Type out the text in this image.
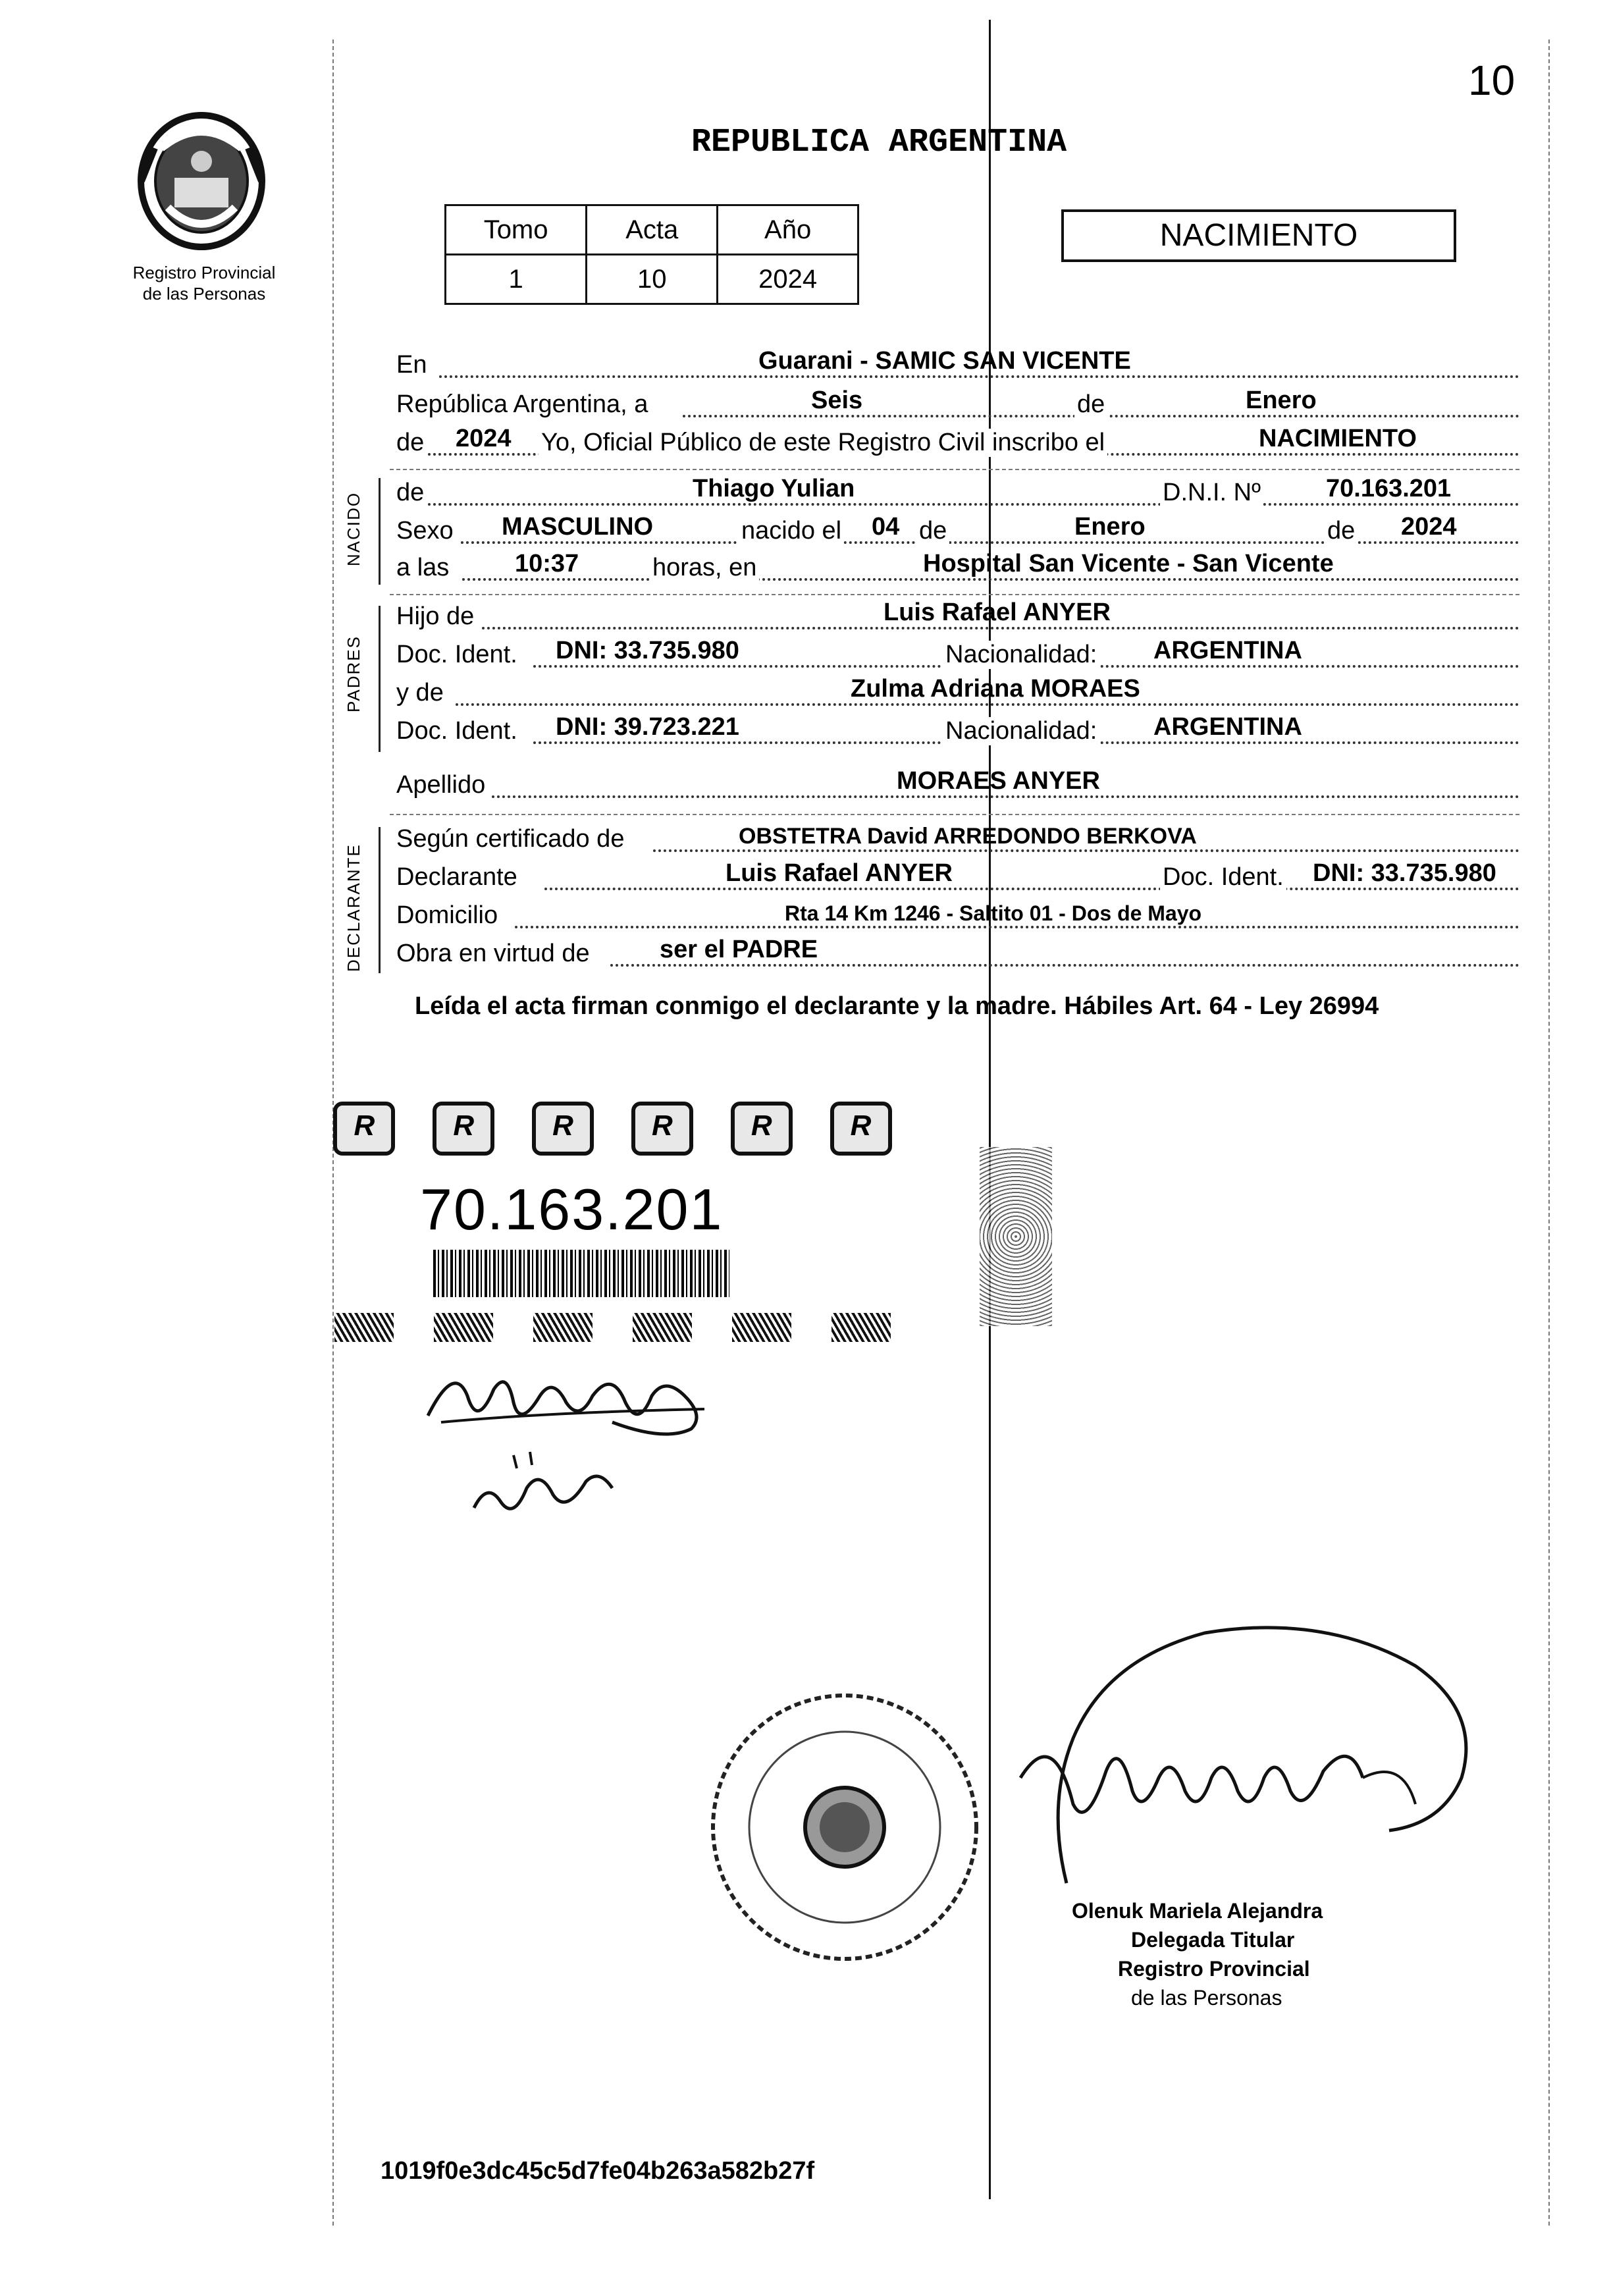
10
Registro Provincial
de las Personas
REPUBLICA ARGENTINA
Tomo	Acta	Año
1	10	2024
NACIMIENTO
En	Guarani - SAMIC SAN VICENTE
República Argentina, a	Seis	de	Enero
de 2024 Yo, Oficial Público de este Registro Civil inscribo el	NACIMIENTO
NACIDO de	Thiago Yulian	D.N.I. Nº	70.163.201
Sexo MASCULINO	nacido el 04 de	Enero	de 2024
a las	10:37	horas, en	Hospital San Vicente - San Vicente
PADRES
Hijo de	Luis Rafael ANYER
Doc. Ident. DNI: 33.735.980	Nacionalidad: ARGENTINA
y de	Zulma Adriana MORAES
Doc. Ident. DNI: 39.723.221	Nacionalidad: ARGENTINA
Apellido	MORAES ANYER
DECLARANTE
Según certificado de	OBSTETRA David ARREDONDO BERKOVA
Declarante	Luis Rafael ANYER	Doc. Ident. DNI: 33.735.980
Domicilio	Rta 14 Km 1246 - Saltito 01 - Dos de Mayo
Obra en virtud de	ser el PADRE
Leída el acta firman conmigo el declarante y la madre. Hábiles Art. 64 - Ley 26994
R	R	R	R	R	R
70.163.201
Olenuk Mariela Alejandra
Delegada Titular
Registro Provincial
de las Personas
1019f0e3dc45c5d7fe04b263a582b27f
